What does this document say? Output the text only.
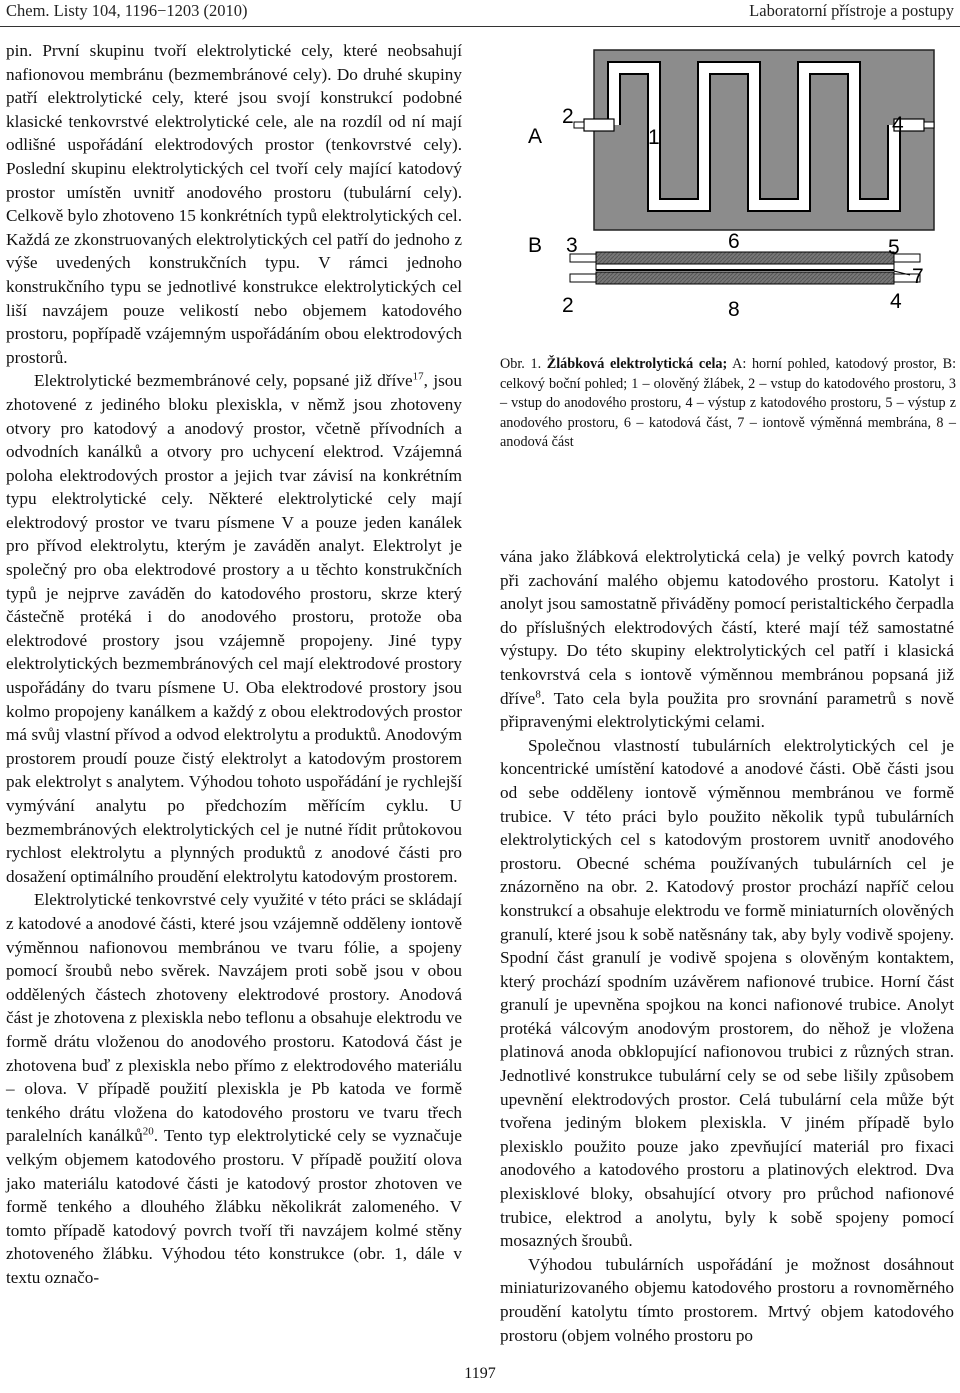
Chem. Listy 104, 1196−1203 (2010)	Laboratorní přístroje a postupy

pin. První skupinu tvoří elektrolytické cely, které neobsahují nafionovou membránu (bezmembránové cely). Do druhé skupiny patří elektrolytické cely, které jsou svojí konstrukcí podobné klasické tenkovrstvé elektrolytické cele, ale na rozdíl od ní mají odlišné uspořádání elektrodových prostor (tenkovrstvé cely). Poslední skupinu elektrolytických cel tvoří cely mající katodový prostor umístěn uvnitř anodového prostoru (tubulární cely). Celkově bylo zhotoveno 15 konkrétních typů elektrolytických cel. Každá ze zkonstruovaných elektrolytických cel patří do jednoho z výše uvedených konstrukčních typu. V rámci jednoho konstrukčního typu se jednotlivé konstrukce elektrolytických cel liší navzájem pouze velikostí nebo objemem katodového prostoru, popřípadě vzájemným uspořádáním obou elektrodových prostorů.

Elektrolytické bezmembránové cely, popsané již dříve$^{17}$, jsou zhotovené z jediného bloku plexiskla, v němž jsou zhotoveny otvory pro katodový a anodový prostor, včetně přívodních a odvodních kanálků a otvory pro uchycení elektrod. Vzájemná poloha elektrodových prostor a jejich tvar závisí na konkrétním typu elektrolytické cely. Některé elektrolytické cely mají elektrodový prostor ve tvaru písmene V a pouze jeden kanálek pro přívod elektrolytu, kterým je zaváděn analyt. Elektrolyt je společný pro oba elektrodové prostory a u těchto konstrukčních typů je nejprve zaváděn do katodového prostoru, skrze který částečně protéká i do anodového prostoru, protože oba elektrodové prostory jsou vzájemně propojeny. Jiné typy elektrolytických bezmembránových cel mají elektrodové prostory uspořádány do tvaru písmene U. Oba elektrodové prostory jsou kolmo propojeny kanálkem a každý z obou elektrodových prostor má svůj vlastní přívod a odvod elektrolytu a produktů. Anodovým prostorem proudí pouze čistý elektrolyt a katodovým prostorem pak elektrolyt s analytem. Výhodou tohoto uspořádání je rychlejší vymývání analytu po předchozím měřícím cyklu. U bezmembránových elektrolytických cel je nutné řídit průtokovou rychlost elektrolytu a plynných produktů z anodové části pro dosažení optimálního proudění elektrolytu katodovým prostorem.

Elektrolytické tenkovrstvé cely využité v této práci se skládají z katodové a anodové části, které jsou vzájemně odděleny iontově výměnnou nafionovou membránou ve tvaru fólie, a spojeny pomocí šroubů nebo svěrek. Navzájem proti sobě jsou v obou oddělených částech zhotoveny elektrodové prostory. Anodová část je zhotovena z plexiskla nebo teflonu a obsahuje elektrodu ve formě drátu vloženou do anodového prostoru. Katodová část je zhotovena buď z plexiskla nebo přímo z elektrodového materiálu – olova. V případě použití plexiskla je Pb katoda ve formě tenkého drátu vložena do katodového prostoru ve tvaru třech paralelních kanálků$^{20}$. Tento typ elektrolytické cely se vyznačuje velkým objemem katodového prostoru. V případě použití olova jako materiálu katodové části je katodový prostor zhotoven ve formě tenkého a dlouhého žlábku několikrát zalomeného. V tomto případě katodový povrch tvoří tři navzájem kolmé stěny zhotoveného žlábku. Výhodou této konstrukce (obr. 1, dále v textu označo-

A
2
1
4
B 3	6	5
7
2	8	4
Obr. 1. Žlábková elektrolytická cela; A: horní pohled, katodový prostor, B: celkový boční pohled; 1 – olověný žlábek, 2 – vstup do katodového prostoru, 3 – vstup do anodového prostoru, 4 – výstup z katodového prostoru, 5 – výstup z anodového prostoru, 6 – katodová část, 7 – iontově výměnná membrána, 8 – anodová část

vána jako žlábková elektrolytická cela) je velký povrch katody při zachování malého objemu katodového prostoru. Katolyt i anolyt jsou samostatně přiváděny pomocí peristaltického čerpadla do příslušných elektrodových částí, které mají též samostatné výstupy. Do této skupiny elektrolytických cel patří i klasická tenkovrstvá cela s iontově výměnnou membránou popsaná již dříve$^8$. Tato cela byla použita pro srovnání parametrů s nově připravenými elektrolytickými celami.

Společnou vlastností tubulárních elektrolytických cel je koncentrické umístění katodové a anodové části. Obě části jsou od sebe odděleny iontově výměnnou membránou ve formě trubice. V této práci bylo použito několik typů tubulárních elektrolytických cel s katodovým prostorem uvnitř anodového prostoru. Obecné schéma používaných tubulárních cel je znázorněno na obr. 2. Katodový prostor prochází napříč celou konstrukcí a obsahuje elektrodu ve formě miniaturních olověných granulí, které jsou k sobě natěsnány tak, aby byly vodivě spojeny. Spodní část granulí je vodivě spojena s olověným kontaktem, který prochází spodním uzávěrem nafionové trubice. Horní část granulí je upevněna spojkou na konci nafionové trubice. Anolyt protéká válcovým anodovým prostorem, do něhož je vložena platinová anoda obklopující nafionovou trubici z různých stran. Jednotlivé konstrukce tubulární cely se od sebe lišily způsobem upevnění elektrodových prostor. Celá tubulární cela může být tvořena jediným blokem plexiskla. V jiném případě bylo plexisklo použito pouze jako zpevňující materiál pro fixaci anodového a katodového prostoru a platinových elektrod. Dva plexisklové bloky, obsahující otvory pro průchod nafionové trubice, elektrod a anolytu, byly k sobě spojeny pomocí mosazných šroubů.

Výhodou tubulárních uspořádání je možnost dosáhnout miniaturizovaného objemu katodového prostoru a rovnoměrného proudění katolytu tímto prostorem. Mrtvý objem katodového prostoru (objem volného prostoru po

1197
